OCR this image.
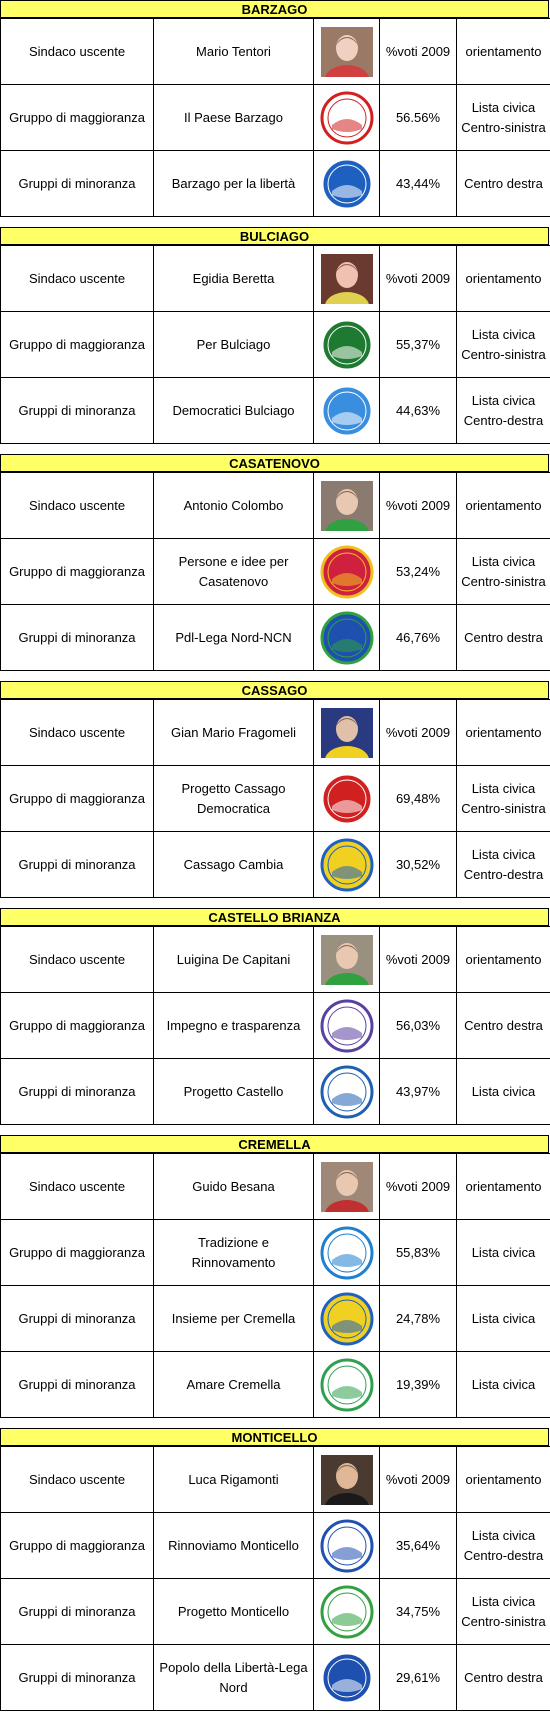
BARZAGO
Sindaco uscente	Mario Tentori		%voti 2009	orientamento
Gruppo di maggioranza	Il Paese Barzago		56.56%	Lista civica Centro-sinistra
Gruppi di minoranza	Barzago per la libertà		43,44%	Centro destra
BULCIAGO
Sindaco uscente	Egidia Beretta		%voti 2009	orientamento
Gruppo di maggioranza	Per Bulciago		55,37%	Lista civica Centro-sinistra
Gruppi di minoranza	Democratici Bulciago		44,63%	Lista civica Centro-destra
CASATENOVO
Sindaco uscente	Antonio Colombo		%voti 2009	orientamento
Gruppo di maggioranza	Persone e idee per Casatenovo		53,24%	Lista civica Centro-sinistra
Gruppi di minoranza	Pdl-Lega Nord-NCN		46,76%	Centro destra
CASSAGO
Sindaco uscente	Gian Mario Fragomeli		%voti 2009	orientamento
Gruppo di maggioranza	Progetto Cassago Democratica		69,48%	Lista civica Centro-sinistra
Gruppi di minoranza	Cassago Cambia		30,52%	Lista civica Centro-destra
CASTELLO BRIANZA
Sindaco uscente	Luigina De Capitani		%voti 2009	orientamento
Gruppo di maggioranza	Impegno e trasparenza		56,03%	Centro destra
Gruppi di minoranza	Progetto Castello		43,97%	Lista civica
CREMELLA
Sindaco uscente	Guido Besana		%voti 2009	orientamento
Gruppo di maggioranza	Tradizione e Rinnovamento		55,83%	Lista civica
Gruppi di minoranza	Insieme per Cremella		24,78%	Lista civica
Gruppi di minoranza	Amare Cremella		19,39%	Lista civica
MONTICELLO
Sindaco uscente	Luca Rigamonti		%voti 2009	orientamento
Gruppo di maggioranza	Rinnoviamo Monticello		35,64%	Lista civica Centro-destra
Gruppi di minoranza	Progetto Monticello		34,75%	Lista civica Centro-sinistra
Gruppi di minoranza	Popolo della Libertà-Lega Nord		29,61%	Centro destra
